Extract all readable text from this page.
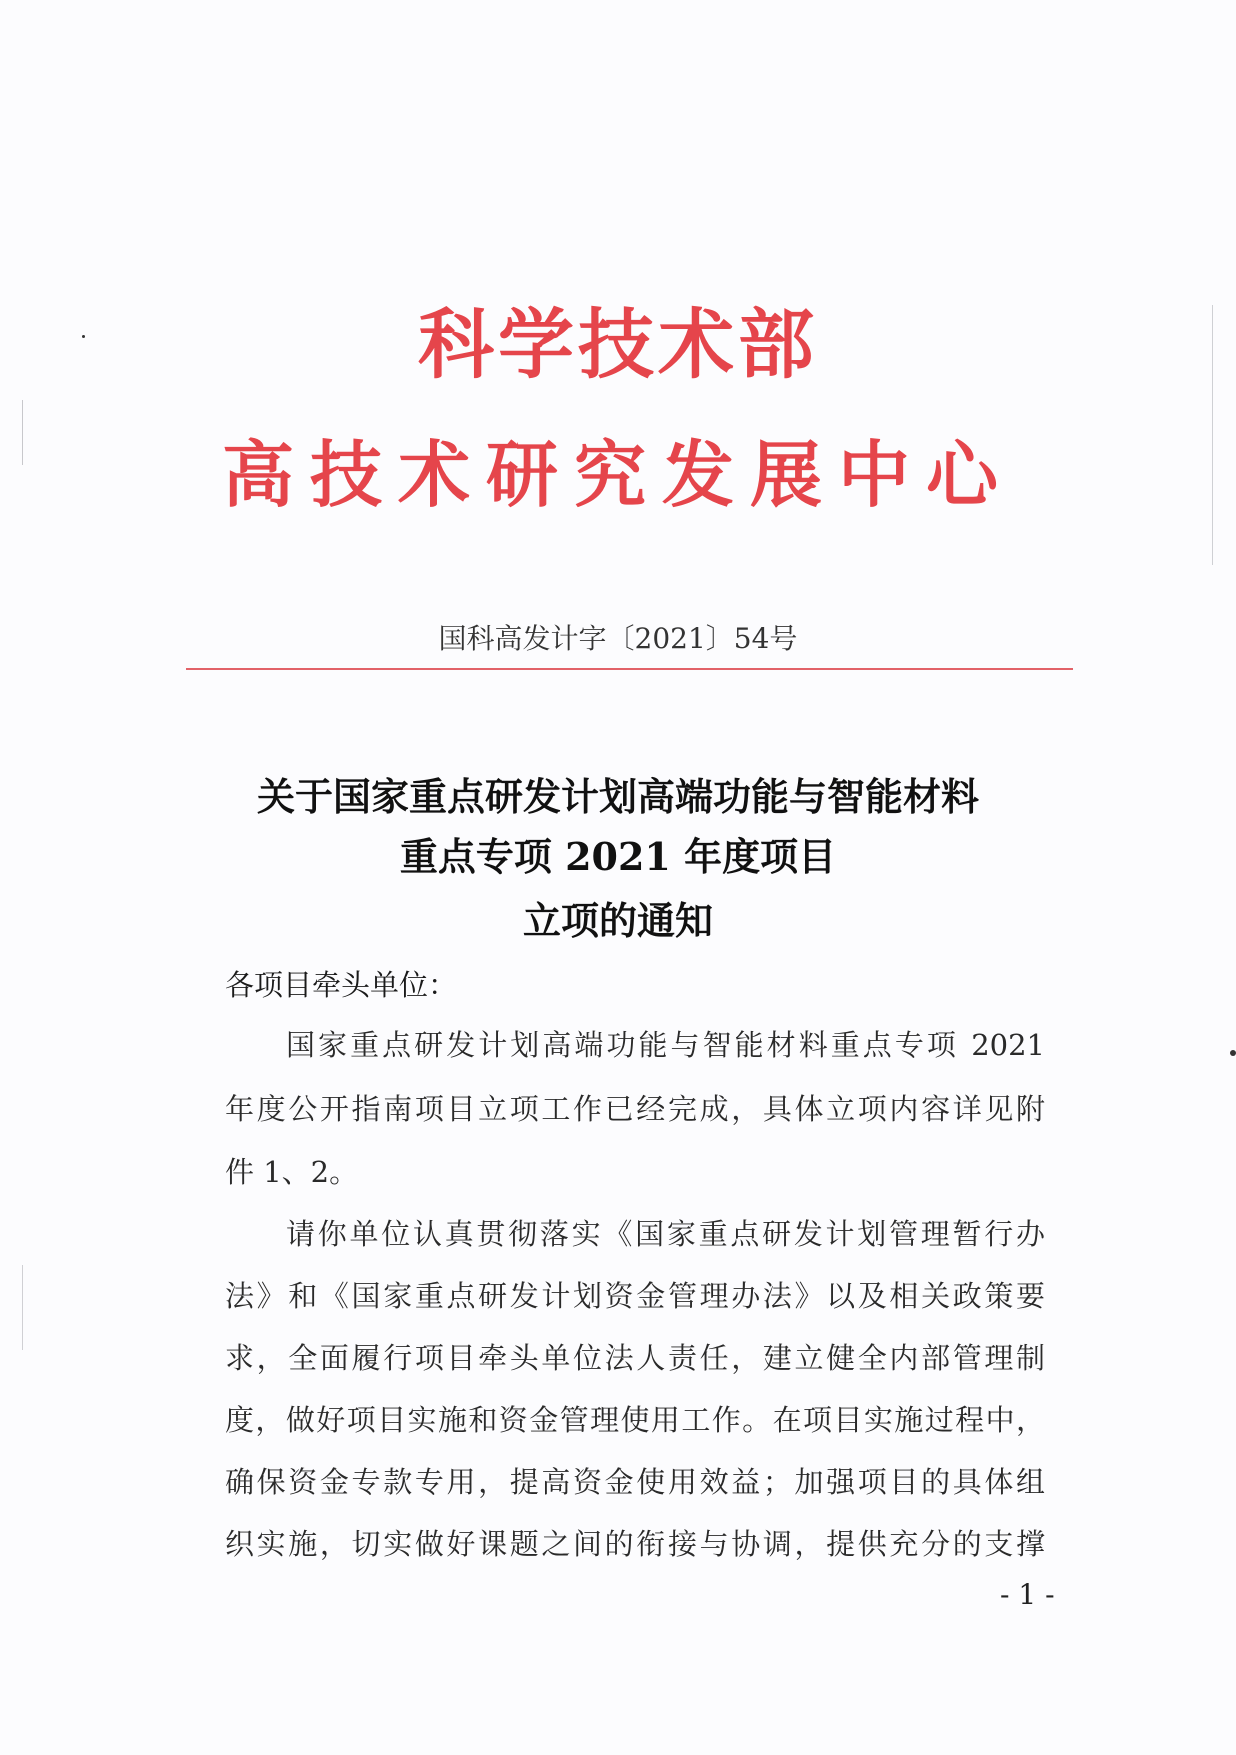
科学技术部
高技术研究发展中心
国科高发计字〔2021〕54号
关于国家重点研发计划高端功能与智能材料
重点专项 2021 年度项目
立项的通知
各项目牵头单位：
国家重点研发计划高端功能与智能材料重点专项 2021
年度公开指南项目立项工作已经完成，具体立项内容详见附
件 1、2。
请你单位认真贯彻落实《国家重点研发计划管理暂行办
法》和《国家重点研发计划资金管理办法》以及相关政策要
求，全面履行项目牵头单位法人责任，建立健全内部管理制
度，做好项目实施和资金管理使用工作。在项目实施过程中，
确保资金专款专用，提高资金使用效益；加强项目的具体组
织实施，切实做好课题之间的衔接与协调，提供充分的支撑
- 1 -
